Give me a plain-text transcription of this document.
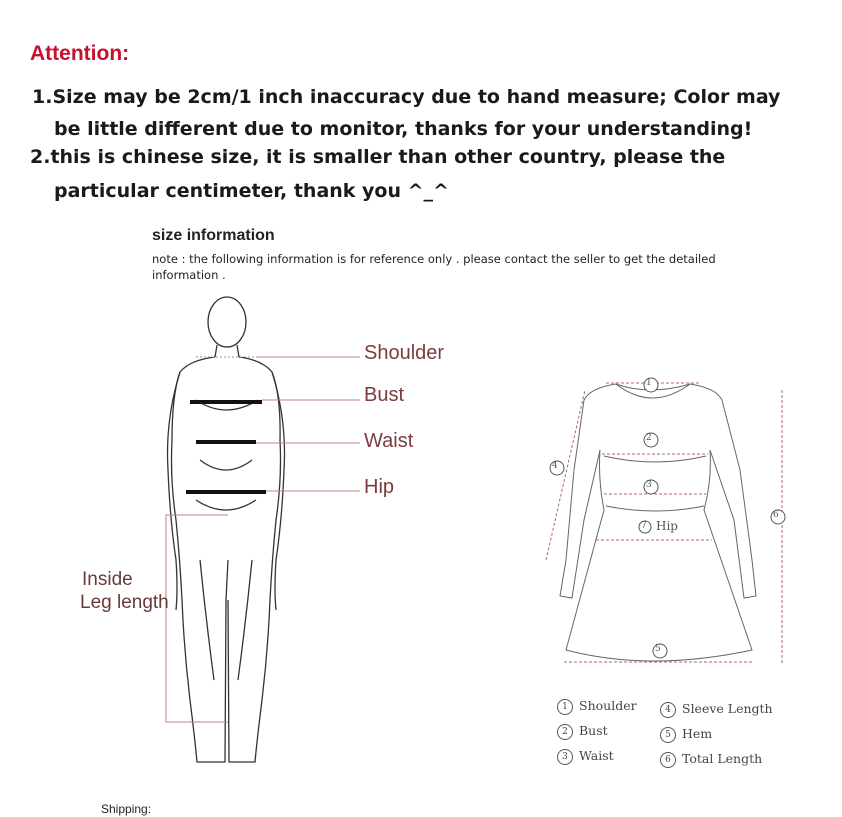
Attention:
1.Size may be 2cm/1 inch inaccuracy due to hand measure; Color may
be little different due to monitor, thanks for your understanding!
2.this is chinese size, it is smaller than other country, please the
particular centimeter, thank you ^_^
size information
note : the following information is for reference only . please contact the seller to get the detailed information .
Shoulder
Bust
Waist
Hip
Inside
Leg length
1
2
3
7 Hip
5
4
6
1 Shoulder	4 Sleeve Length
2 Bust	5 Hem
3 Waist	6 Total Length
Shipping:
